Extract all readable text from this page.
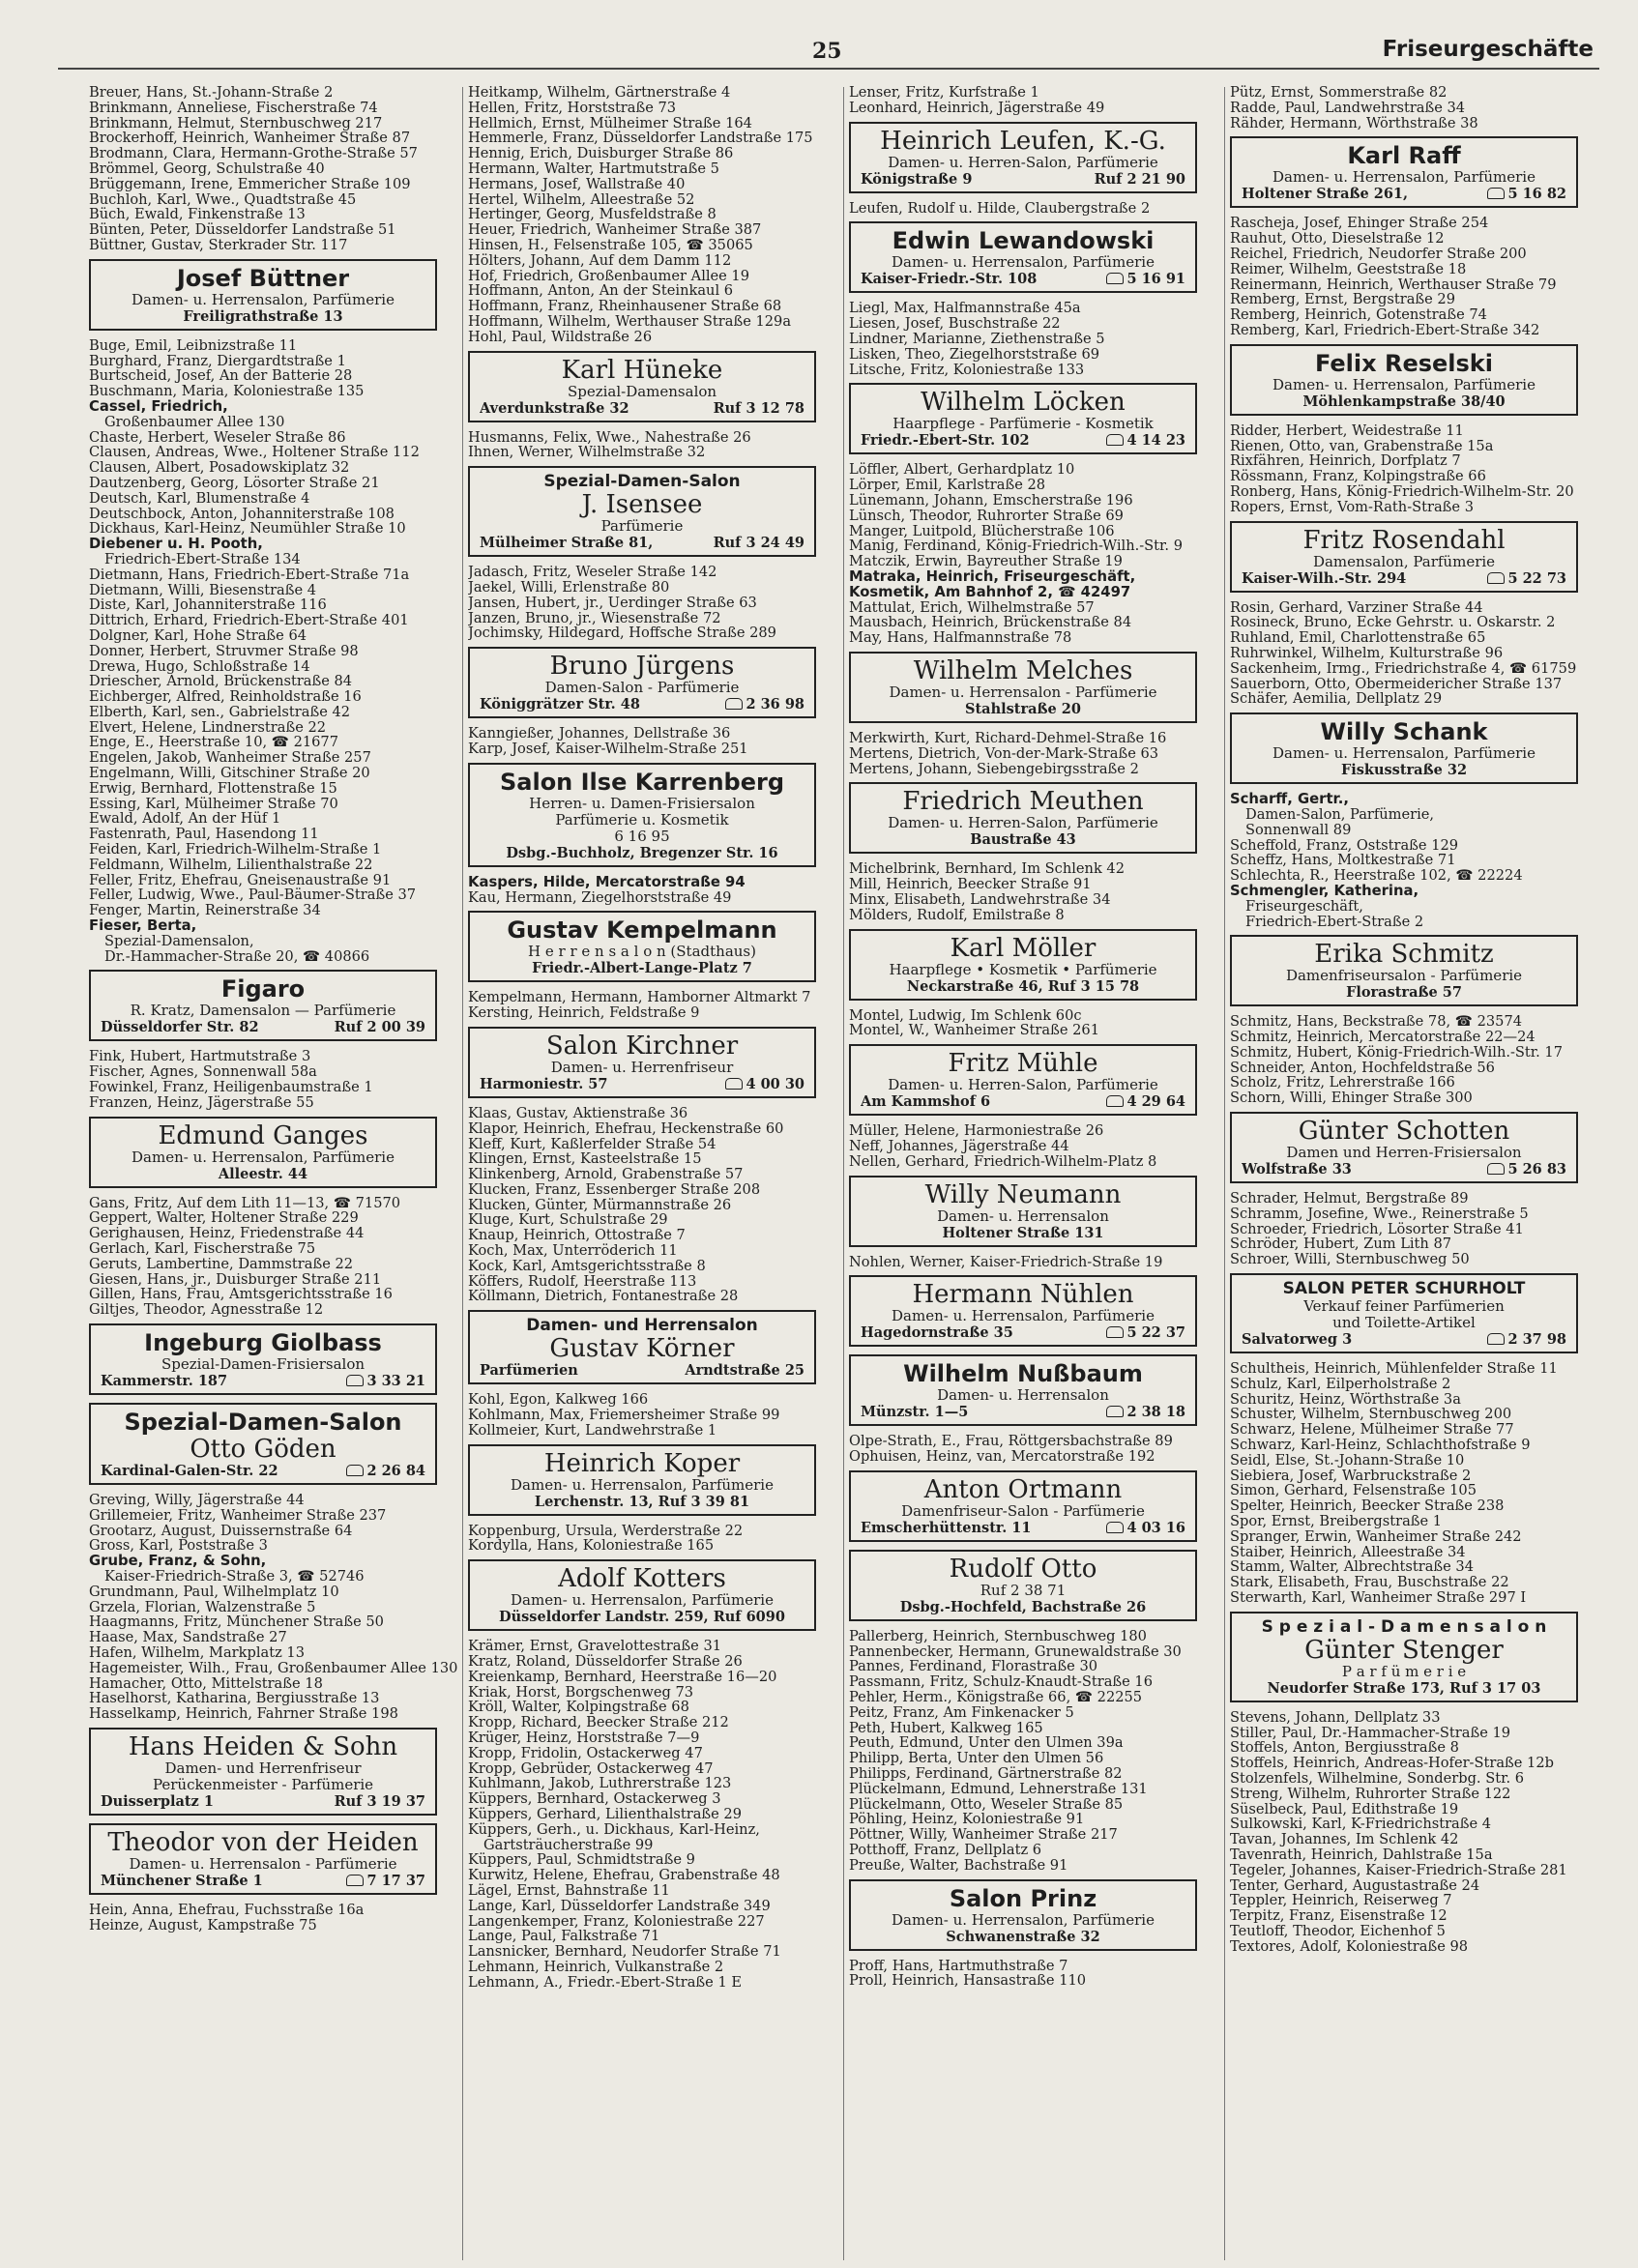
25	Friseurgeschäfte
Breuer, Hans, St.-Johann-Straße 2
Brinkmann, Anneliese, Fischerstraße 74
Brinkmann, Helmut, Sternbuschweg 217
Brockerhoff, Heinrich, Wanheimer Straße 87
Brodmann, Clara, Hermann-Grothe-Straße 57
Brömmel, Georg, Schulstraße 40
Brüggemann, Irene, Emmericher Straße 109
Buchloh, Karl, Wwe., Quadtstraße 45
Büch, Ewald, Finkenstraße 13
Bünten, Peter, Düsseldorfer Landstraße 51
Büttner, Gustav, Sterkrader Str. 117
Josef Büttner
Damen- u. Herrensalon, Parfümerie
Freiligrathstraße 13
Buge, Emil, Leibnizstraße 11
Burghard, Franz, Diergardtstraße 1
Burtscheid, Josef, An der Batterie 28
Buschmann, Maria, Koloniestraße 135
Cassel, Friedrich,
Großenbaumer Allee 130
Chaste, Herbert, Weseler Straße 86
Clausen, Andreas, Wwe., Holtener Straße 112
Clausen, Albert, Posadowskiplatz 32
Dautzenberg, Georg, Lösorter Straße 21
Deutsch, Karl, Blumenstraße 4
Deutschbock, Anton, Johanniterstraße 108
Dickhaus, Karl-Heinz, Neumühler Straße 10
Diebener u. H. Pooth,
Friedrich-Ebert-Straße 134
Dietmann, Hans, Friedrich-Ebert-Straße 71a
Dietmann, Willi, Biesenstraße 4
Diste, Karl, Johanniterstraße 116
Dittrich, Erhard, Friedrich-Ebert-Straße 401
Dolgner, Karl, Hohe Straße 64
Donner, Herbert, Struvmer Straße 98
Drewa, Hugo, Schloßstraße 14
Driescher, Arnold, Brückenstraße 84
Eichberger, Alfred, Reinholdstraße 16
Elberth, Karl, sen., Gabrielstraße 42
Elvert, Helene, Lindnerstraße 22
Enge, E., Heerstraße 10, ☎ 21677
Engelen, Jakob, Wanheimer Straße 257
Engelmann, Willi, Gitschiner Straße 20
Erwig, Bernhard, Flottenstraße 15
Essing, Karl, Mülheimer Straße 70
Ewald, Adolf, An der Hüf 1
Fastenrath, Paul, Hasendong 11
Feiden, Karl, Friedrich-Wilhelm-Straße 1
Feldmann, Wilhelm, Lilienthalstraße 22
Feller, Fritz, Ehefrau, Gneisenaustraße 91
Feller, Ludwig, Wwe., Paul-Bäumer-Straße 37
Fenger, Martin, Reinerstraße 34
Fieser, Berta,
Spezial-Damensalon,
Dr.-Hammacher-Straße 20, ☎ 40866
Figaro
R. Kratz, Damensalon — Parfümerie
Düsseldorfer Str. 82	Ruf 2 00 39
Fink, Hubert, Hartmutstraße 3
Fischer, Agnes, Sonnenwall 58a
Fowinkel, Franz, Heiligenbaumstraße 1
Franzen, Heinz, Jägerstraße 55
Edmund Ganges
Damen- u. Herrensalon, Parfümerie
Alleestr. 44
Gans, Fritz, Auf dem Lith 11—13, ☎ 71570
Geppert, Walter, Holtener Straße 229
Gerighausen, Heinz, Friedenstraße 44
Gerlach, Karl, Fischerstraße 75
Geruts, Lambertine, Dammstraße 22
Giesen, Hans, jr., Duisburger Straße 211
Gillen, Hans, Frau, Amtsgerichtsstraße 16
Giltjes, Theodor, Agnesstraße 12
Ingeburg Giolbass
Spezial-Damen-Frisiersalon
Kammerstr. 187	3 33 21
Spezial-Damen-Salon
Otto Göden
Kardinal-Galen-Str. 22	2 26 84
Greving, Willy, Jägerstraße 44
Grillemeier, Fritz, Wanheimer Straße 237
Grootarz, August, Duissernstraße 64
Gross, Karl, Poststraße 3
Grube, Franz, & Sohn,
Kaiser-Friedrich-Straße 3, ☎ 52746
Grundmann, Paul, Wilhelmplatz 10
Grzela, Florian, Walzenstraße 5
Haagmanns, Fritz, Münchener Straße 50
Haase, Max, Sandstraße 27
Hafen, Wilhelm, Markplatz 13
Hagemeister, Wilh., Frau, Großenbaumer Allee 130
Hamacher, Otto, Mittelstraße 18
Haselhorst, Katharina, Bergiusstraße 13
Hasselkamp, Heinrich, Fahrner Straße 198
Hans Heiden & Sohn
Damen- und Herrenfriseur
Perückenmeister - Parfümerie
Duisserplatz 1	Ruf 3 19 37
Theodor von der Heiden
Damen- u. Herrensalon - Parfümerie
Münchener Straße 1	7 17 37
Hein, Anna, Ehefrau, Fuchsstraße 16a
Heinze, August, Kampstraße 75
Heitkamp, Wilhelm, Gärtnerstraße 4
Hellen, Fritz, Horststraße 73
Hellmich, Ernst, Mülheimer Straße 164
Hemmerle, Franz, Düsseldorfer Landstraße 175
Hennig, Erich, Duisburger Straße 86
Hermann, Walter, Hartmutstraße 5
Hermans, Josef, Wallstraße 40
Hertel, Wilhelm, Alleestraße 52
Hertinger, Georg, Musfeldstraße 8
Heuer, Friedrich, Wanheimer Straße 387
Hinsen, H., Felsenstraße 105, ☎ 35065
Hölters, Johann, Auf dem Damm 112
Hof, Friedrich, Großenbaumer Allee 19
Hoffmann, Anton, An der Steinkaul 6
Hoffmann, Franz, Rheinhausener Straße 68
Hoffmann, Wilhelm, Werthauser Straße 129a
Hohl, Paul, Wildstraße 26
Karl Hüneke
Spezial-Damensalon
Averdunkstraße 32	Ruf 3 12 78
Husmanns, Felix, Wwe., Nahestraße 26
Ihnen, Werner, Wilhelmstraße 32
Spezial-Damen-Salon
J. Isensee
Parfümerie
Mülheimer Straße 81,	Ruf 3 24 49
Jadasch, Fritz, Weseler Straße 142
Jaekel, Willi, Erlenstraße 80
Jansen, Hubert, jr., Uerdinger Straße 63
Janzen, Bruno, jr., Wiesenstraße 72
Jochimsky, Hildegard, Hoffsche Straße 289
Bruno Jürgens
Damen-Salon - Parfümerie
Königgrätzer Str. 48	2 36 98
Kanngießer, Johannes, Dellstraße 36
Karp, Josef, Kaiser-Wilhelm-Straße 251
Salon Ilse Karrenberg
Herren- u. Damen-Frisiersalon
Parfümerie u. Kosmetik
6 16 95
Dsbg.-Buchholz, Bregenzer Str. 16
Kaspers, Hilde, Mercatorstraße 94
Kau, Hermann, Ziegelhorststraße 49
Gustav Kempelmann
H e r r e n s a l o n (Stadthaus)
Friedr.-Albert-Lange-Platz 7
Kempelmann, Hermann, Hamborner Altmarkt 7
Kersting, Heinrich, Feldstraße 9
Salon Kirchner
Damen- u. Herrenfriseur
Harmoniestr. 57	4 00 30
Klaas, Gustav, Aktienstraße 36
Klapor, Heinrich, Ehefrau, Heckenstraße 60
Kleff, Kurt, Kaßlerfelder Straße 54
Klingen, Ernst, Kasteelstraße 15
Klinkenberg, Arnold, Grabenstraße 57
Klucken, Franz, Essenberger Straße 208
Klucken, Günter, Mürmannstraße 26
Kluge, Kurt, Schulstraße 29
Knaup, Heinrich, Ottostraße 7
Koch, Max, Unterröderich 11
Kock, Karl, Amtsgerichtsstraße 8
Köffers, Rudolf, Heerstraße 113
Köllmann, Dietrich, Fontanestraße 28
Damen- und Herrensalon
Gustav Körner
Parfümerien	Arndtstraße 25
Kohl, Egon, Kalkweg 166
Kohlmann, Max, Friemersheimer Straße 99
Kollmeier, Kurt, Landwehrstraße 1
Heinrich Koper
Damen- u. Herrensalon, Parfümerie
Lerchenstr. 13, Ruf 3 39 81
Koppenburg, Ursula, Werderstraße 22
Kordylla, Hans, Koloniestraße 165
Adolf Kotters
Damen- u. Herrensalon, Parfümerie
Düsseldorfer Landstr. 259, Ruf 6090
Krämer, Ernst, Gravelottestraße 31
Kratz, Roland, Düsseldorfer Straße 26
Kreienkamp, Bernhard, Heerstraße 16—20
Kriak, Horst, Borgschenweg 73
Kröll, Walter, Kolpingstraße 68
Kropp, Richard, Beecker Straße 212
Krüger, Heinz, Horststraße 7—9
Kropp, Fridolin, Ostackerweg 47
Kropp, Gebrüder, Ostackerweg 47
Kuhlmann, Jakob, Luthrerstraße 123
Küppers, Bernhard, Ostackerweg 3
Küppers, Gerhard, Lilienthalstraße 29
Küppers, Gerh., u. Dickhaus, Karl-Heinz,
Gartsträucherstraße 99
Küppers, Paul, Schmidtstraße 9
Kurwitz, Helene, Ehefrau, Grabenstraße 48
Lägel, Ernst, Bahnstraße 11
Lange, Karl, Düsseldorfer Landstraße 349
Langenkemper, Franz, Koloniestraße 227
Lange, Paul, Falkstraße 71
Lansnicker, Bernhard, Neudorfer Straße 71
Lehmann, Heinrich, Vulkanstraße 2
Lehmann, A., Friedr.-Ebert-Straße 1 E
Lenser, Fritz, Kurfstraße 1
Leonhard, Heinrich, Jägerstraße 49
Heinrich Leufen, K.-G.
Damen- u. Herren-Salon, Parfümerie
Königstraße 9	Ruf 2 21 90
Leufen, Rudolf u. Hilde, Claubergstraße 2
Edwin Lewandowski
Damen- u. Herrensalon, Parfümerie
Kaiser-Friedr.-Str. 108	5 16 91
Liegl, Max, Halfmannstraße 45a
Liesen, Josef, Buschstraße 22
Lindner, Marianne, Ziethenstraße 5
Lisken, Theo, Ziegelhorststraße 69
Litsche, Fritz, Koloniestraße 133
Wilhelm Löcken
Haarpflege - Parfümerie - Kosmetik
Friedr.-Ebert-Str. 102	4 14 23
Löffler, Albert, Gerhardplatz 10
Lörper, Emil, Karlstraße 28
Lünemann, Johann, Emscherstraße 196
Lünsch, Theodor, Ruhrorter Straße 69
Manger, Luitpold, Blücherstraße 106
Manig, Ferdinand, König-Friedrich-Wilh.-Str. 9
Matczik, Erwin, Bayreuther Straße 19
Matraka, Heinrich, Friseurgeschäft,
Kosmetik, Am Bahnhof 2, ☎ 42497
Mattulat, Erich, Wilhelmstraße 57
Mausbach, Heinrich, Brückenstraße 84
May, Hans, Halfmannstraße 78
Wilhelm Melches
Damen- u. Herrensalon - Parfümerie
Stahlstraße 20
Merkwirth, Kurt, Richard-Dehmel-Straße 16
Mertens, Dietrich, Von-der-Mark-Straße 63
Mertens, Johann, Siebengebirgsstraße 2
Friedrich Meuthen
Damen- u. Herren-Salon, Parfümerie
Baustraße 43
Michelbrink, Bernhard, Im Schlenk 42
Mill, Heinrich, Beecker Straße 91
Minx, Elisabeth, Landwehrstraße 34
Mölders, Rudolf, Emilstraße 8
Karl Möller
Haarpflege • Kosmetik • Parfümerie
Neckarstraße 46, Ruf 3 15 78
Montel, Ludwig, Im Schlenk 60c
Montel, W., Wanheimer Straße 261
Fritz Mühle
Damen- u. Herren-Salon, Parfümerie
Am Kammshof 6	4 29 64
Müller, Helene, Harmoniestraße 26
Neff, Johannes, Jägerstraße 44
Nellen, Gerhard, Friedrich-Wilhelm-Platz 8
Willy Neumann
Damen- u. Herrensalon
Holtener Straße 131
Nohlen, Werner, Kaiser-Friedrich-Straße 19
Hermann Nühlen
Damen- u. Herrensalon, Parfümerie
Hagedornstraße 35	5 22 37
Wilhelm Nußbaum
Damen- u. Herrensalon
Münzstr. 1—5	2 38 18
Olpe-Strath, E., Frau, Röttgersbachstraße 89
Ophuisen, Heinz, van, Mercatorstraße 192
Anton Ortmann
Damenfriseur-Salon - Parfümerie
Emscherhüttenstr. 11	4 03 16
Rudolf Otto
Ruf 2 38 71
Dsbg.-Hochfeld, Bachstraße 26
Pallerberg, Heinrich, Sternbuschweg 180
Pannenbecker, Hermann, Grunewaldstraße 30
Pannes, Ferdinand, Florastraße 30
Passmann, Fritz, Schulz-Knaudt-Straße 16
Pehler, Herm., Königstraße 66, ☎ 22255
Peitz, Franz, Am Finkenacker 5
Peth, Hubert, Kalkweg 165
Peuth, Edmund, Unter den Ulmen 39a
Philipp, Berta, Unter den Ulmen 56
Philipps, Ferdinand, Gärtnerstraße 82
Plückelmann, Edmund, Lehnerstraße 131
Plückelmann, Otto, Weseler Straße 85
Pöhling, Heinz, Koloniestraße 91
Pöttner, Willy, Wanheimer Straße 217
Potthoff, Franz, Dellplatz 6
Preuße, Walter, Bachstraße 91
Salon Prinz
Damen- u. Herrensalon, Parfümerie
Schwanenstraße 32
Proff, Hans, Hartmuthstraße 7
Proll, Heinrich, Hansastraße 110
Pütz, Ernst, Sommerstraße 82
Radde, Paul, Landwehrstraße 34
Rähder, Hermann, Wörthstraße 38
Karl Raff
Damen- u. Herrensalon, Parfümerie
Holtener Straße 261,	5 16 82
Rascheja, Josef, Ehinger Straße 254
Rauhut, Otto, Dieselstraße 12
Reichel, Friedrich, Neudorfer Straße 200
Reimer, Wilhelm, Geeststraße 18
Reinermann, Heinrich, Werthauser Straße 79
Remberg, Ernst, Bergstraße 29
Remberg, Heinrich, Gotenstraße 74
Remberg, Karl, Friedrich-Ebert-Straße 342
Felix Reselski
Damen- u. Herrensalon, Parfümerie
Möhlenkampstraße 38/40
Ridder, Herbert, Weidestraße 11
Rienen, Otto, van, Grabenstraße 15a
Rixfähren, Heinrich, Dorfplatz 7
Rössmann, Franz, Kolpingstraße 66
Ronberg, Hans, König-Friedrich-Wilhelm-Str. 20
Ropers, Ernst, Vom-Rath-Straße 3
Fritz Rosendahl
Damensalon, Parfümerie
Kaiser-Wilh.-Str. 294	5 22 73
Rosin, Gerhard, Varziner Straße 44
Rosineck, Bruno, Ecke Gehrstr. u. Oskarstr. 2
Ruhland, Emil, Charlottenstraße 65
Ruhrwinkel, Wilhelm, Kulturstraße 96
Sackenheim, Irmg., Friedrichstraße 4, ☎ 61759
Sauerborn, Otto, Obermeidericher Straße 137
Schäfer, Aemilia, Dellplatz 29
Willy Schank
Damen- u. Herrensalon, Parfümerie
Fiskusstraße 32
Scharff, Gertr.,
Damen-Salon, Parfümerie,
Sonnenwall 89
Scheffold, Franz, Oststraße 129
Scheffz, Hans, Moltkestraße 71
Schlechta, R., Heerstraße 102, ☎ 22224
Schmengler, Katherina,
Friseurgeschäft,
Friedrich-Ebert-Straße 2
Erika Schmitz
Damenfriseursalon - Parfümerie
Florastraße 57
Schmitz, Hans, Beckstraße 78, ☎ 23574
Schmitz, Heinrich, Mercatorstraße 22—24
Schmitz, Hubert, König-Friedrich-Wilh.-Str. 17
Schneider, Anton, Hochfeldstraße 56
Scholz, Fritz, Lehrerstraße 166
Schorn, Willi, Ehinger Straße 300
Günter Schotten
Damen und Herren-Frisiersalon
Wolfstraße 33	5 26 83
Schrader, Helmut, Bergstraße 89
Schramm, Josefine, Wwe., Reinerstraße 5
Schroeder, Friedrich, Lösorter Straße 41
Schröder, Hubert, Zum Lith 87
Schroer, Willi, Sternbuschweg 50
SALON PETER SCHURHOLT
Verkauf feiner Parfümerien
und Toilette-Artikel
Salvatorweg 3	2 37 98
Schultheis, Heinrich, Mühlenfelder Straße 11
Schulz, Karl, Eilperholstraße 2
Schuritz, Heinz, Wörthstraße 3a
Schuster, Wilhelm, Sternbuschweg 200
Schwarz, Helene, Mülheimer Straße 77
Schwarz, Karl-Heinz, Schlachthofstraße 9
Seidl, Else, St.-Johann-Straße 10
Siebiera, Josef, Warbruckstraße 2
Simon, Gerhard, Felsenstraße 105
Spelter, Heinrich, Beecker Straße 238
Spor, Ernst, Breibergstraße 1
Spranger, Erwin, Wanheimer Straße 242
Staiber, Heinrich, Alleestraße 34
Stamm, Walter, Albrechtstraße 34
Stark, Elisabeth, Frau, Buschstraße 22
Sterwarth, Karl, Wanheimer Straße 297 I
S p e z i a l - D a m e n s a l o n
Günter Stenger
P a r f ü m e r i e
Neudorfer Straße 173, Ruf 3 17 03
Stevens, Johann, Dellplatz 33
Stiller, Paul, Dr.-Hammacher-Straße 19
Stoffels, Anton, Bergiusstraße 8
Stoffels, Heinrich, Andreas-Hofer-Straße 12b
Stolzenfels, Wilhelmine, Sonderbg. Str. 6
Streng, Wilhelm, Ruhrorter Straße 122
Süselbeck, Paul, Edithstraße 19
Sulkowski, Karl, K-Friedrichstraße 4
Tavan, Johannes, Im Schlenk 42
Tavenrath, Heinrich, Dahlstraße 15a
Tegeler, Johannes, Kaiser-Friedrich-Straße 281
Tenter, Gerhard, Augustastraße 24
Teppler, Heinrich, Reiserweg 7
Terpitz, Franz, Eisenstraße 12
Teutloff, Theodor, Eichenhof 5
Textores, Adolf, Koloniestraße 98
